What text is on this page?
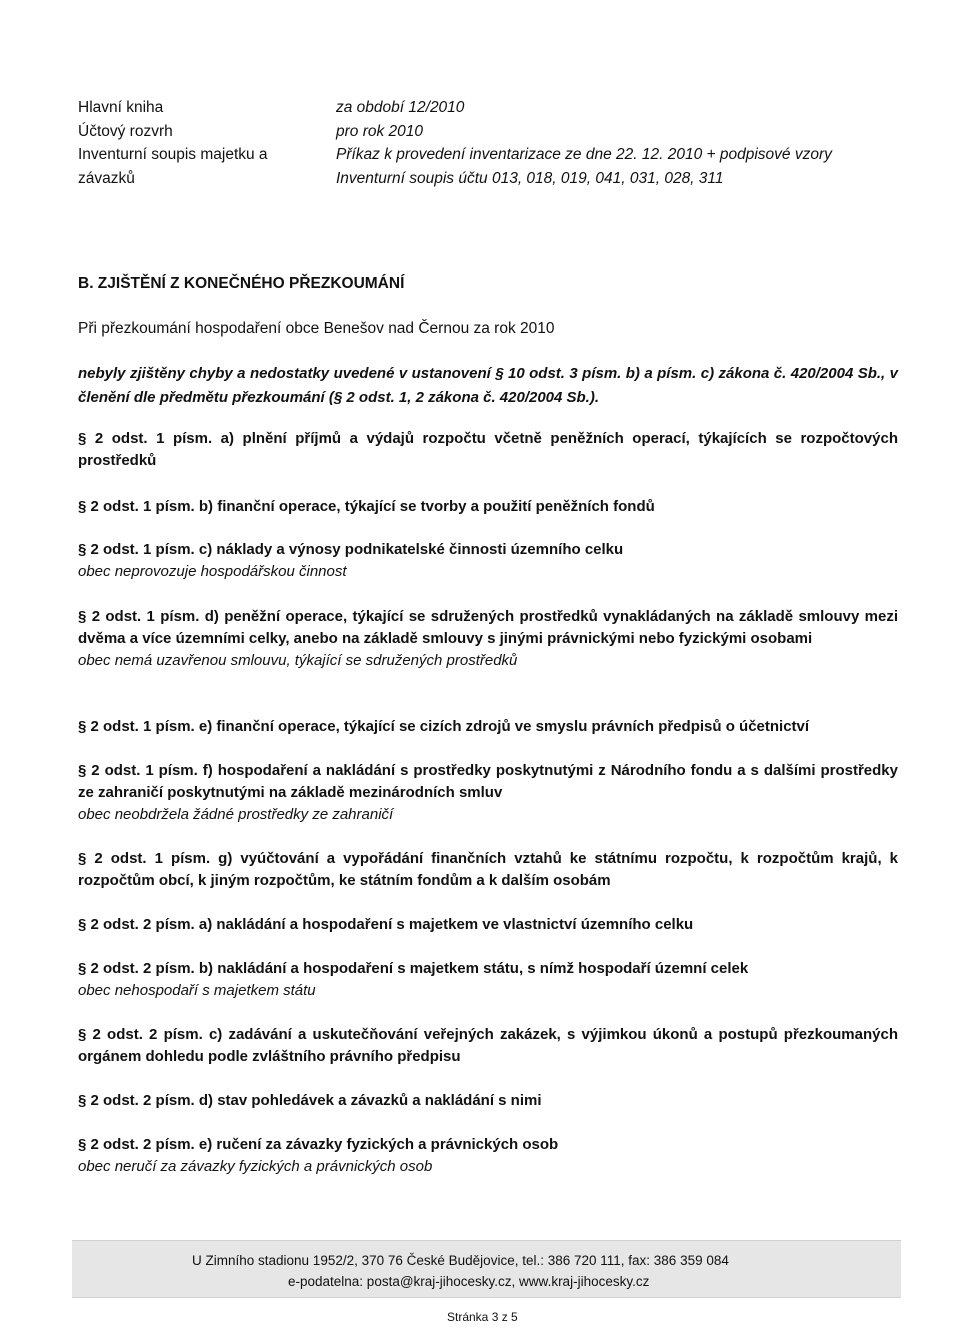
Hlavní kniha	za období 12/2010
Účtový rozvrh	pro rok 2010
Inventurní soupis majetku a	Příkaz k provedení inventarizace ze dne 22. 12. 2010 + podpisové vzory
závazků	Inventurní soupis účtu 013, 018, 019, 041, 031, 028, 311
B. ZJIŠTĚNÍ Z KONEČNÉHO PŘEZKOUMÁNÍ
Při přezkoumání hospodaření obce Benešov nad Černou za rok 2010
nebyly zjištěny chyby a nedostatky uvedené v ustanovení § 10 odst. 3 písm. b) a písm. c) zákona č. 420/2004 Sb., v členění dle předmětu přezkoumání (§ 2 odst. 1, 2 zákona č. 420/2004 Sb.).
§ 2 odst. 1 písm. a) plnění příjmů a výdajů rozpočtu včetně peněžních operací, týkajících se rozpočtových prostředků
§ 2 odst. 1 písm. b) finanční operace, týkající se tvorby a použití peněžních fondů
§ 2 odst. 1 písm. c) náklady a výnosy podnikatelské činnosti územního celku
obec neprovozuje hospodářskou činnost
§ 2 odst. 1 písm. d) peněžní operace, týkající se sdružených prostředků vynakládaných na základě smlouvy mezi dvěma a více územními celky, anebo na základě smlouvy s jinými právnickými nebo fyzickými osobami
obec nemá uzavřenou smlouvu, týkající se sdružených prostředků
§ 2 odst. 1 písm. e) finanční operace, týkající se cizích zdrojů ve smyslu právních předpisů o účetnictví
§ 2 odst. 1 písm. f) hospodaření a nakládání s prostředky poskytnutými z Národního fondu a s dalšími prostředky ze zahraničí poskytnutými na základě mezinárodních smluv
obec neobdržela žádné prostředky ze zahraničí
§ 2 odst. 1 písm. g) vyúčtování a vypořádání finančních vztahů ke státnímu rozpočtu, k rozpočtům krajů, k rozpočtům obcí, k jiným rozpočtům, ke státním fondům a k dalším osobám
§ 2 odst. 2 písm. a) nakládání a hospodaření s majetkem ve vlastnictví územního celku
§ 2 odst. 2 písm. b) nakládání a hospodaření s majetkem státu, s nímž hospodaří územní celek
obec nehospodaří s majetkem státu
§ 2 odst. 2 písm. c) zadávání a uskutečňování veřejných zakázek, s výjimkou úkonů a postupů přezkoumaných orgánem dohledu podle zvláštního právního předpisu
§ 2 odst. 2 písm. d) stav pohledávek a závazků a nakládání s nimi
§ 2 odst. 2 písm. e) ručení za závazky fyzických a právnických osob
obec neručí za závazky fyzických a právnických osob
U Zimního stadionu 1952/2, 370 76 České Budějovice, tel.: 386 720 111, fax: 386 359 084
e-podatelna: posta@kraj-jihocesky.cz, www.kraj-jihocesky.cz
Stránka 3 z 5
